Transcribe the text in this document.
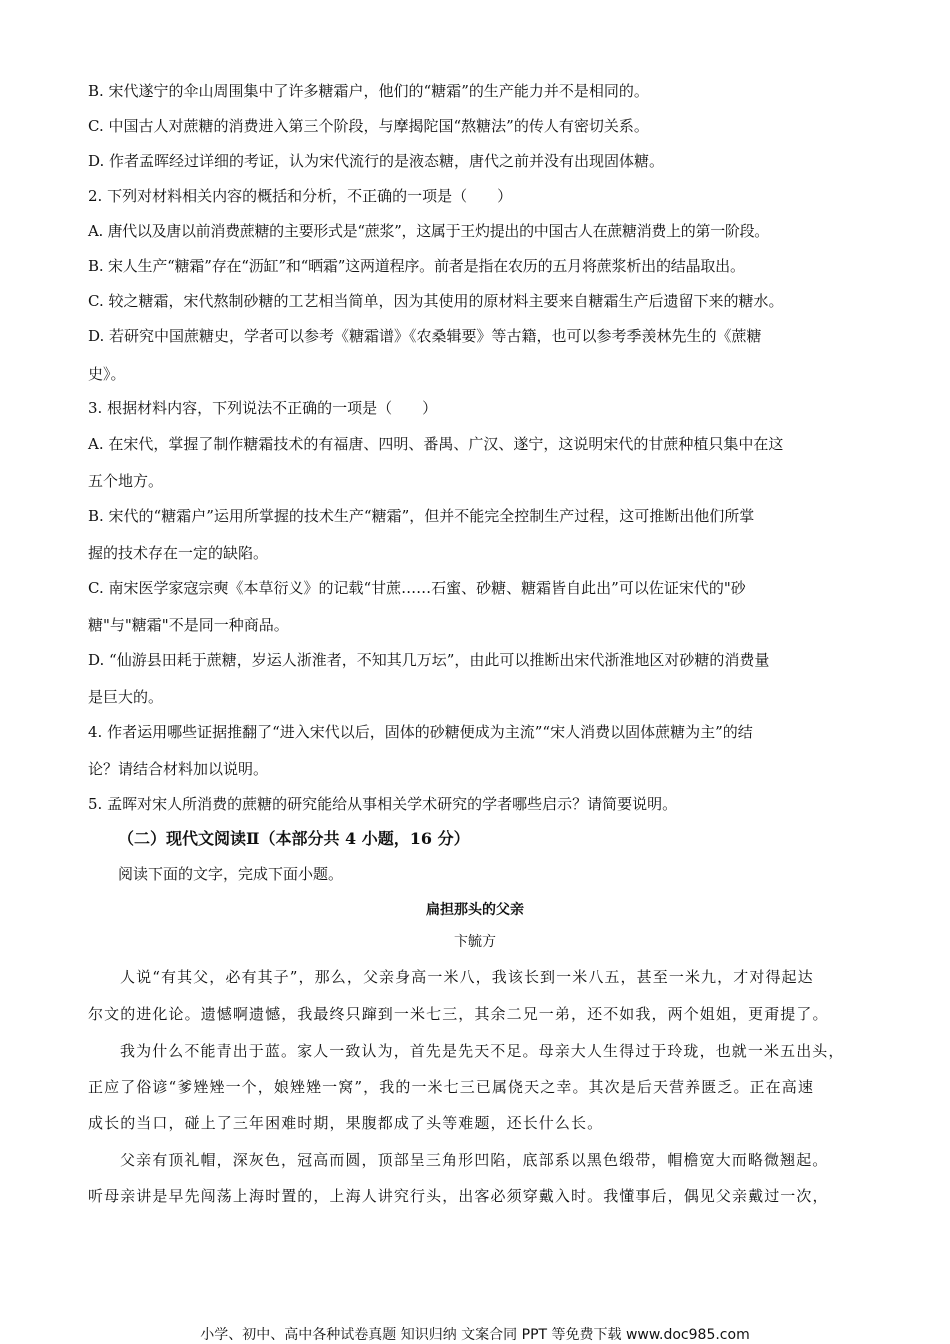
B. 宋代遂宁的伞山周围集中了许多糖霜户，他们的“糖霜”的生产能力并不是相同的。
C. 中国古人对蔗糖的消费进入第三个阶段，与摩揭陀国“熬糖法”的传人有密切关系。
D. 作者孟晖经过详细的考证，认为宋代流行的是液态糖，唐代之前并没有出现固体糖。
2. 下列对材料相关内容的概括和分析，不正确的一项是（　　）
A. 唐代以及唐以前消费蔗糖的主要形式是“蔗浆”，这属于王灼提出的中国古人在蔗糖消费上的第一阶段。
B. 宋人生产“糖霜”存在“沥缸”和“晒霜”这两道程序。前者是指在农历的五月将蔗浆析出的结晶取出。
C. 较之糖霜，宋代熬制砂糖的工艺相当简单，因为其使用的原材料主要来自糖霜生产后遗留下来的糖水。
D. 若研究中国蔗糖史，学者可以参考《糖霜谱》《农桑辑要》等古籍，也可以参考季羡林先生的《蔗糖
史》。
3. 根据材料内容，下列说法不正确的一项是（　　）
A. 在宋代，掌握了制作糖霜技术的有福唐、四明、番禺、广汉、遂宁，这说明宋代的甘蔗种植只集中在这
五个地方。
B. 宋代的“糖霜户”运用所掌握的技术生产“糖霜”，但并不能完全控制生产过程，这可推断出他们所掌
握的技术存在一定的缺陷。
C. 南宋医学家寇宗奭《本草衍义》的记载“甘蔗……石蜜、砂糖、糖霜皆自此出”可以佐证宋代的"砂
糖"与"糖霜"不是同一种商品。
D. “仙游县田耗于蔗糖，岁运人浙淮者，不知其几万坛”，由此可以推断出宋代浙淮地区对砂糖的消费量
是巨大的。
4. 作者运用哪些证据推翻了“进入宋代以后，固体的砂糖便成为主流”“宋人消费以固体蔗糖为主”的结
论？请结合材料加以说明。
5. 孟晖对宋人所消费的蔗糖的研究能给从事相关学术研究的学者哪些启示？请简要说明。
（二）现代文阅读Ⅱ（本部分共 4 小题，16 分）
阅读下面的文字，完成下面小题。
扁担那头的父亲
卞毓方
人说“有其父，必有其子”，那么，父亲身高一米八，我该长到一米八五，甚至一米九，才对得起达
尔文的进化论。遗憾啊遗憾，我最终只蹿到一米七三，其余二兄一弟，还不如我，两个姐姐，更甭提了。
我为什么不能青出于蓝。家人一致认为，首先是先天不足。母亲大人生得过于玲珑，也就一米五出头，
正应了俗谚“爹矬矬一个，娘矬矬一窝”，我的一米七三已属侥天之幸。其次是后天营养匮乏。正在高速
成长的当口，碰上了三年困难时期，果腹都成了头等难题，还长什么长。
父亲有顶礼帽，深灰色，冠高而圆，顶部呈三角形凹陷，底部系以黑色缎带，帽檐宽大而略微翘起。
听母亲讲是早先闯荡上海时置的，上海人讲究行头，出客必须穿戴入时。我懂事后，偶见父亲戴过一次，
小学、初中、高中各种试卷真题 知识归纳 文案合同 PPT 等免费下载 www.doc985.com
